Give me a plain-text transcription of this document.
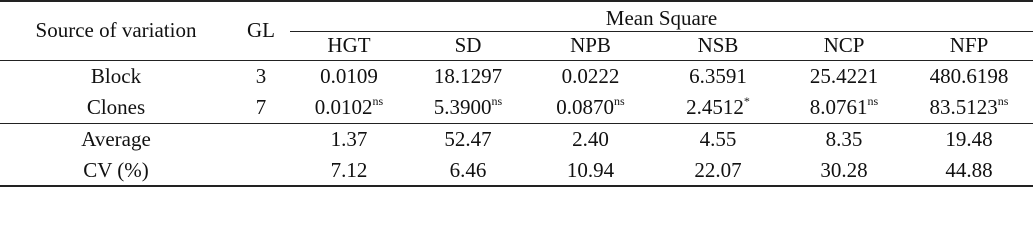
Source of variation	GL	Mean Square					
		HGT	SD	NPB	NSB	NCP	NFP
Block	3	0.0109	18.1297	0.0222	6.3591	25.4221	480.6198
Clones	7	$0.0102^{ns}$	$5.3900^{ns}$	$0.0870^{ns}$	2.4512*	$8.0761^{ns}$	$83.5123^{ns}$
Average		1.37	52.47	2.40	4.55	8.35	19.48
CV (%)		7.12	6.46	10.94	22.07	30.28	44.88
